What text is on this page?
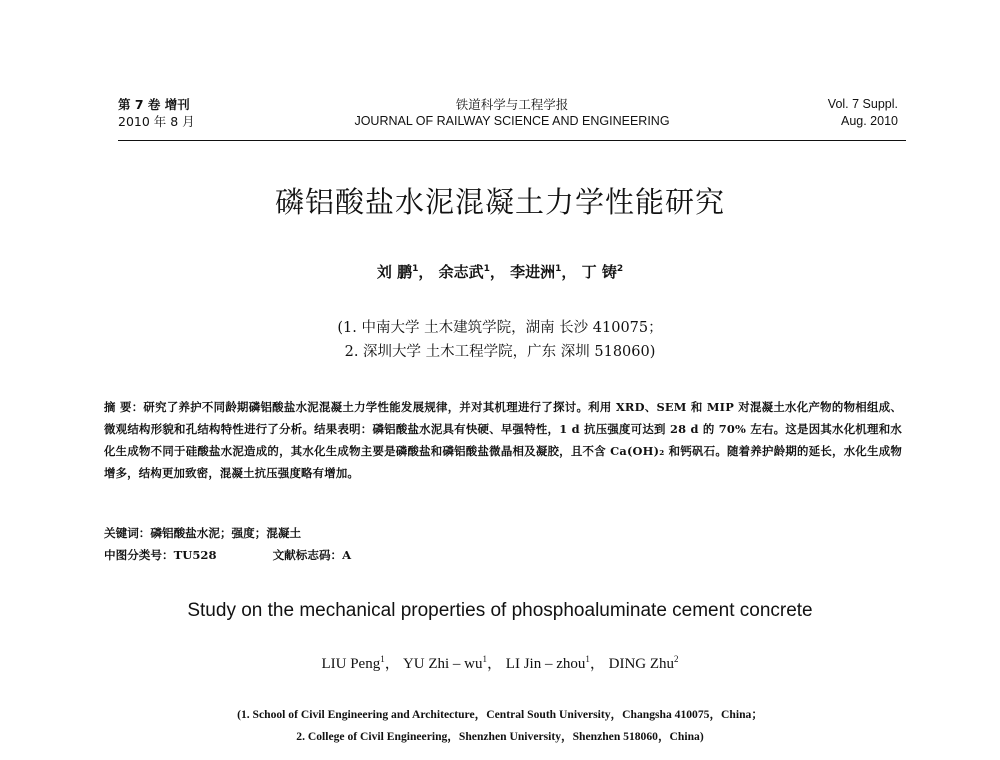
第 7 卷 增刊
2010 年 8 月
铁道科学与工程学报
JOURNAL OF RAILWAY SCIENCE AND ENGINEERING
Vol. 7 Suppl.
Aug. 2010
磷铝酸盐水泥混凝土力学性能研究
刘 鹏$^1$， 余志武$^1$， 李进洲$^1$， 丁 铸$^2$
(1. 中南大学 土木建筑学院，湖南 长沙 410075；
2. 深圳大学 土木工程学院，广东 深圳 518060)
摘 要：研究了养护不同龄期磷铝酸盐水泥混凝土力学性能发展规律，并对其机理进行了探讨。利用 XRD、SEM 和 MIP 对混凝土水化产物的物相组成、微观结构形貌和孔结构特性进行了分析。结果表明：磷铝酸盐水泥具有快硬、早强特性，1 d 抗压强度可达到 28 d 的 70% 左右。这是因其水化机理和水化生成物不同于硅酸盐水泥造成的，其水化生成物主要是磷酸盐和磷铝酸盐微晶相及凝胶，且不含 Ca(OH)₂ 和钙矾石。随着养护龄期的延长，水化生成物增多，结构更加致密，混凝土抗压强度略有增加。
关键词：磷铝酸盐水泥；强度；混凝土
中图分类号：TU528	文献标志码：A
Study on the mechanical properties of phosphoaluminate cement concrete
LIU Peng$^1$， YU Zhi – $wu^1$， LI Jin – zhou$^1$， DING Zhu$^2$
(1. School of Civil Engineering and Architecture，Central South University，Changsha 410075，China；
2. College of Civil Engineering，Shenzhen University，Shenzhen 518060，China)
